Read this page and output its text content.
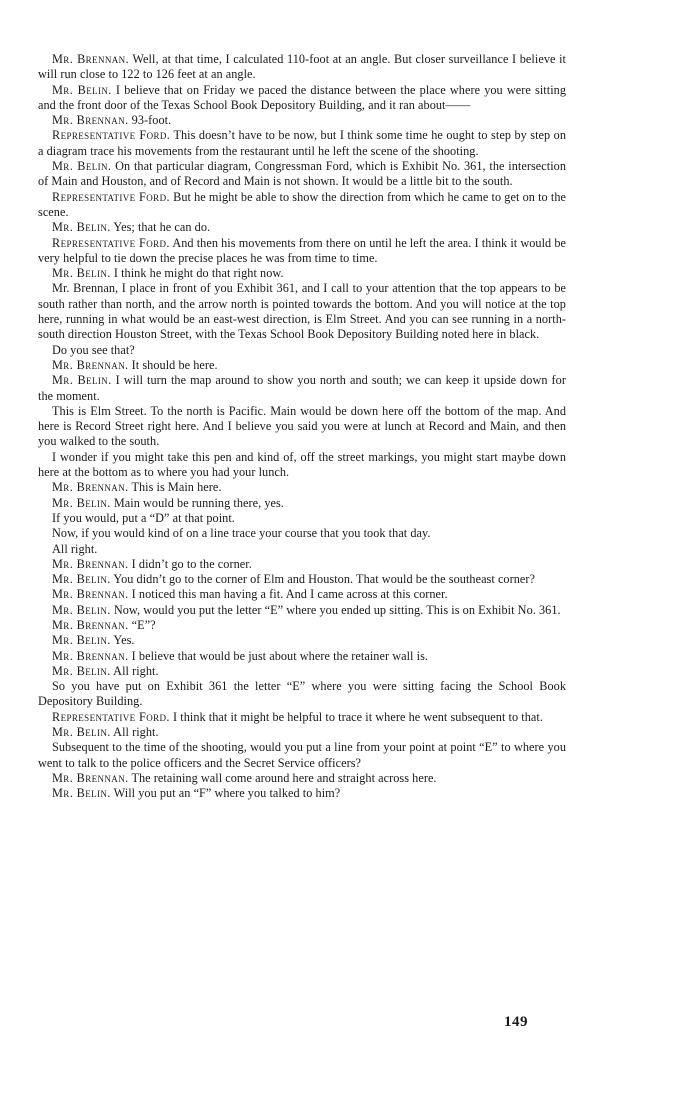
Mr. Brennan. Well, at that time, I calculated 110-foot at an angle. But closer surveillance I believe it will run close to 122 to 126 feet at an angle.

Mr. Belin. I believe that on Friday we paced the distance between the place where you were sitting and the front door of the Texas School Book Depository Building, and it ran about——

Mr. Brennan. 93-foot.

Representative Ford. This doesn’t have to be now, but I think some time he ought to step by step on a diagram trace his movements from the restaurant until he left the scene of the shooting.

Mr. Belin. On that particular diagram, Congressman Ford, which is Exhibit No. 361, the intersection of Main and Houston, and of Record and Main is not shown. It would be a little bit to the south.

Representative Ford. But he might be able to show the direction from which he came to get on to the scene.

Mr. Belin. Yes; that he can do.

Representative Ford. And then his movements from there on until he left the area. I think it would be very helpful to tie down the precise places he was from time to time.

Mr. Belin. I think he might do that right now.

Mr. Brennan, I place in front of you Exhibit 361, and I call to your attention that the top appears to be south rather than north, and the arrow north is pointed towards the bottom. And you will notice at the top here, running in what would be an east-west direction, is Elm Street. And you can see running in a north-south direction Houston Street, with the Texas School Book Depository Building noted here in black.

Do you see that?

Mr. Brennan. It should be here.

Mr. Belin. I will turn the map around to show you north and south; we can keep it upside down for the moment.

This is Elm Street. To the north is Pacific. Main would be down here off the bottom of the map. And here is Record Street right here. And I believe you said you were at lunch at Record and Main, and then you walked to the south.

I wonder if you might take this pen and kind of, off the street markings, you might start maybe down here at the bottom as to where you had your lunch.

Mr. Brennan. This is Main here.

Mr. Belin. Main would be running there, yes.

If you would, put a “D” at that point.

Now, if you would kind of on a line trace your course that you took that day.

All right.

Mr. Brennan. I didn’t go to the corner.

Mr. Belin. You didn’t go to the corner of Elm and Houston. That would be the southeast corner?

Mr. Brennan. I noticed this man having a fit. And I came across at this corner.

Mr. Belin. Now, would you put the letter “E” where you ended up sitting. This is on Exhibit No. 361.

Mr. Brennan. “E”?

Mr. Belin. Yes.

Mr. Brennan. I believe that would be just about where the retainer wall is.

Mr. Belin. All right.

So you have put on Exhibit 361 the letter “E” where you were sitting facing the School Book Depository Building.

Representative Ford. I think that it might be helpful to trace it where he went subsequent to that.

Mr. Belin. All right.

Subsequent to the time of the shooting, would you put a line from your point at point “E” to where you went to talk to the police officers and the Secret Service officers?

Mr. Brennan. The retaining wall come around here and straight across here.

Mr. Belin. Will you put an “F” where you talked to him?

149
